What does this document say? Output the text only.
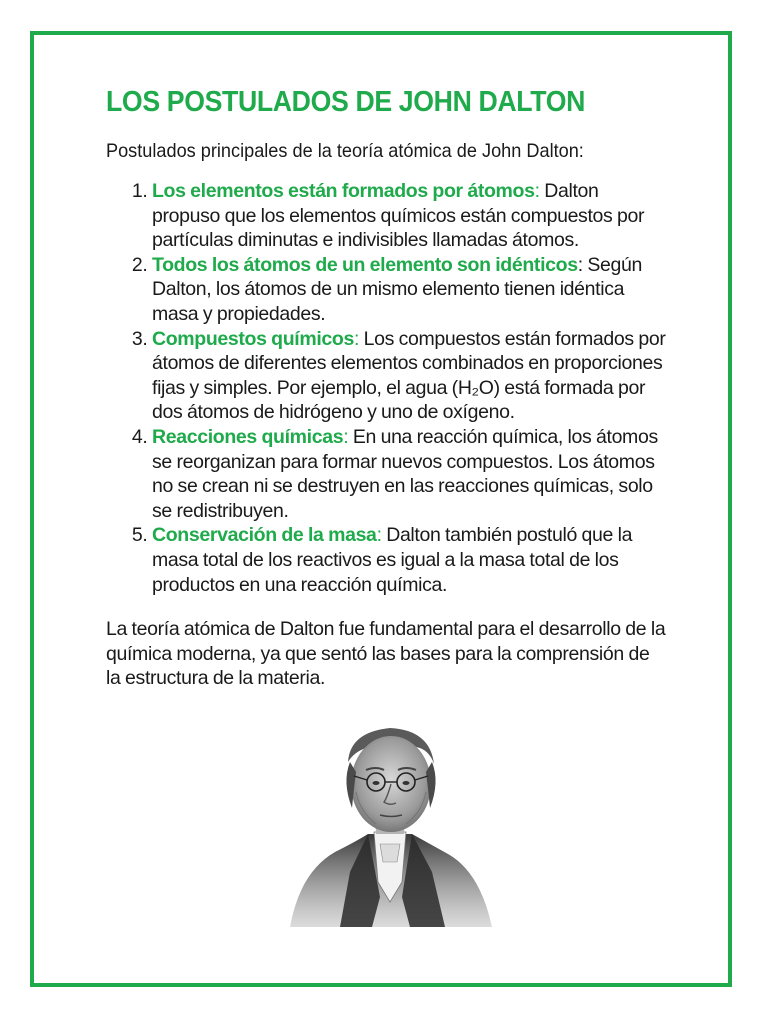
LOS POSTULADOS DE JOHN DALTON

Postulados principales de la teoría atómica de John Dalton:

1. Los elementos están formados por átomos: Dalton propuso que los elementos químicos están compuestos por partículas diminutas e indivisibles llamadas átomos.
2. Todos los átomos de un elemento son idénticos: Según Dalton, los átomos de un mismo elemento tienen idéntica masa y propiedades.
3. Compuestos químicos: Los compuestos están formados por átomos de diferentes elementos combinados en proporciones fijas y simples. Por ejemplo, el agua (H₂O) está formada por dos átomos de hidrógeno y uno de oxígeno.
4. Reacciones químicas: En una reacción química, los átomos se reorganizan para formar nuevos compuestos. Los átomos no se crean ni se destruyen en las reacciones químicas, solo se redistribuyen.
5. Conservación de la masa: Dalton también postuló que la masa total de los reactivos es igual a la masa total de los productos en una reacción química.

La teoría atómica de Dalton fue fundamental para el desarrollo de la química moderna, ya que sentó las bases para la comprensión de la estructura de la materia.
